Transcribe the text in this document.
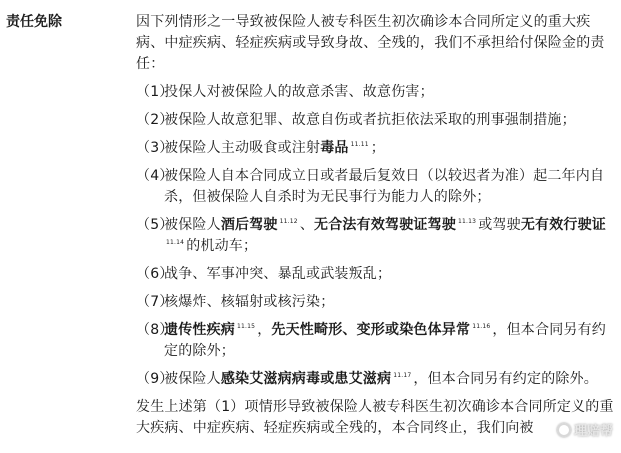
责任免除	因下列情形之一导致被保险人被专科医生初次确诊本合同所定义的重大疾病、中症疾病、轻症疾病或导致身故、全残的，我们不承担给付保险金的责任：

（1）
投保人对被保险人的故意杀害、故意伤害；
（2）
被保险人故意犯罪、故意自伤或者抗拒依法采取的刑事强制措施；
（3）
被保险人主动吸食或注射毒品 $^{11.11}$ ；
（4）
被保险人自本合同成立日或者最后复效日（以较迟者为准）起二年内自杀，但被保险人自杀时为无民事行为能力人的除外；
（5）
被保险人酒后驾驶 $^{11.12}$ 、无合法有效驾驶证驾驶 $^{11.13}$ 或驾驶无有效行驶证$^{11.14}$ 的机动车；
（6）
战争、军事冲突、暴乱或武装叛乱；
（7）
核爆炸、核辐射或核污染；
（8）
遗传性疾病 $^{11.15}$ ，先天性畸形、变形或染色体异常 $^{11.16}$ ，但本合同另有约定的除外；
（9）
被保险人感染艾滋病病毒或患艾滋病 $^{11.17}$ ，但本合同另有约定的除外。

发生上述第（1）项情形导致被保险人被专科医生初次确诊本合同所定义的重大疾病、中症疾病、轻症疾病或全残的，本合同终止，我们向被	理赔帮
